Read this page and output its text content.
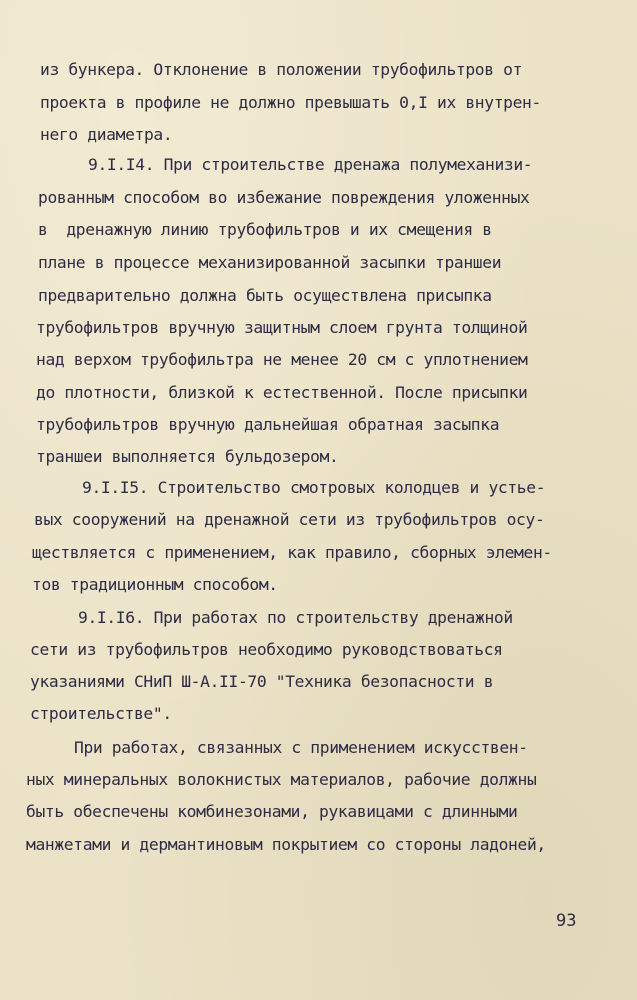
из бункера. Отклонение в положении трубофильтров от
проекта в профиле не должно превышать 0,I их внутрен-
него диаметра.
9.I.I4. При строительстве дренажа полумеханизи-
рованным способом во избежание повреждения уложенных
в  дренажную линию трубофильтров и их смещения в
плане в процессе механизированной засыпки траншеи
предварительно должна быть осуществлена присыпка
трубофильтров вручную защитным слоем грунта толщиной
над верхом трубофильтра не менее 20 см с уплотнением
до плотности, близкой к естественной. После присыпки
трубофильтров вручную дальнейшая обратная засыпка
траншеи выполняется бульдозером.
9.I.I5. Строительство смотровых колодцев и устье-
вых сооружений на дренажной сети из трубофильтров осу-
ществляется с применением, как правило, сборных элемен-
тов традиционным способом.
9.I.I6. При работах по строительству дренажной
сети из трубофильтров необходимо руководствоваться
указаниями СНиП Ш-А.II-70 "Техника безопасности в
строительстве".
При работах, связанных с применением искусствен-
ных минеральных волокнистых материалов, рабочие должны
быть обеспечены комбинезонами, рукавицами с длинными
манжетами и дермантиновым покрытием со стороны ладоней,
93
